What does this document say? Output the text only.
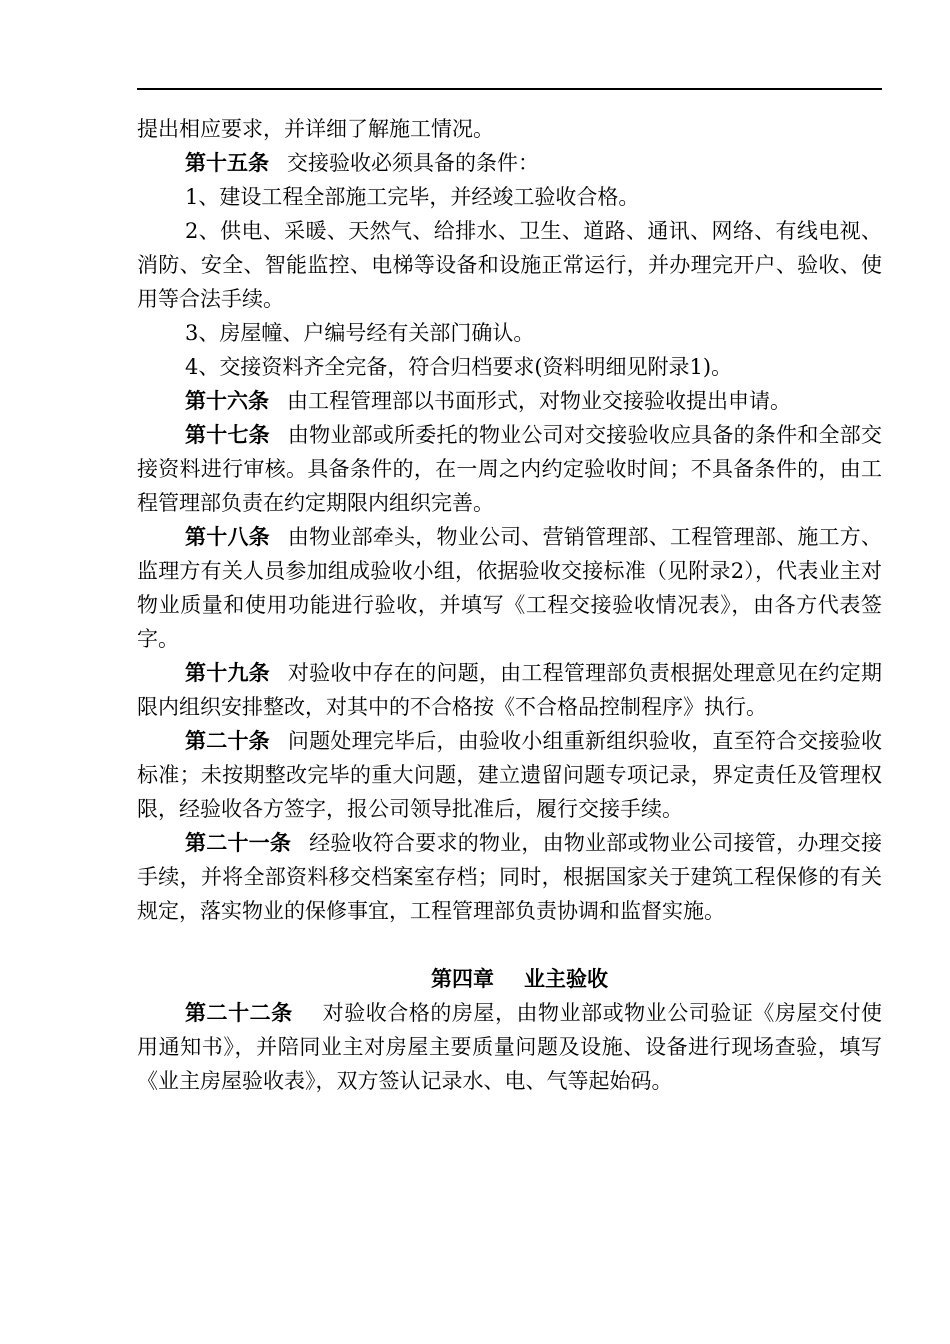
提出相应要求，并详细了解施工情况。

第十五条 交接验收必须具备的条件：

1、建设工程全部施工完毕，并经竣工验收合格。

2、供电、采暖、天然气、给排水、卫生、道路、通讯、网络、有线电视、消防、安全、智能监控、电梯等设备和设施正常运行，并办理完开户、验收、使用等合法手续。

3、房屋幢、户编号经有关部门确认。

4、交接资料齐全完备，符合归档要求(资料明细见附录1)。

第十六条 由工程管理部以书面形式，对物业交接验收提出申请。

第十七条 由物业部或所委托的物业公司对交接验收应具备的条件和全部交接资料进行审核。具备条件的，在一周之内约定验收时间；不具备条件的，由工程管理部负责在约定期限内组织完善。

第十八条 由物业部牵头，物业公司、营销管理部、工程管理部、施工方、监理方有关人员参加组成验收小组，依据验收交接标准（见附录2），代表业主对物业质量和使用功能进行验收，并填写《工程交接验收情况表》，由各方代表签字。

第十九条 对验收中存在的问题，由工程管理部负责根据处理意见在约定期限内组织安排整改，对其中的不合格按《不合格品控制程序》执行。

第二十条 问题处理完毕后，由验收小组重新组织验收，直至符合交接验收标准；未按期整改完毕的重大问题，建立遗留问题专项记录，界定责任及管理权限，经验收各方签字，报公司领导批准后，履行交接手续。

第二十一条 经验收符合要求的物业，由物业部或物业公司接管，办理交接手续，并将全部资料移交档案室存档；同时，根据国家关于建筑工程保修的有关规定，落实物业的保修事宜，工程管理部负责协调和监督实施。

第四章 业主验收

第二十二条 对验收合格的房屋，由物业部或物业公司验证《房屋交付使用通知书》，并陪同业主对房屋主要质量问题及设施、设备进行现场查验，填写《业主房屋验收表》，双方签认记录水、电、气等起始码。
